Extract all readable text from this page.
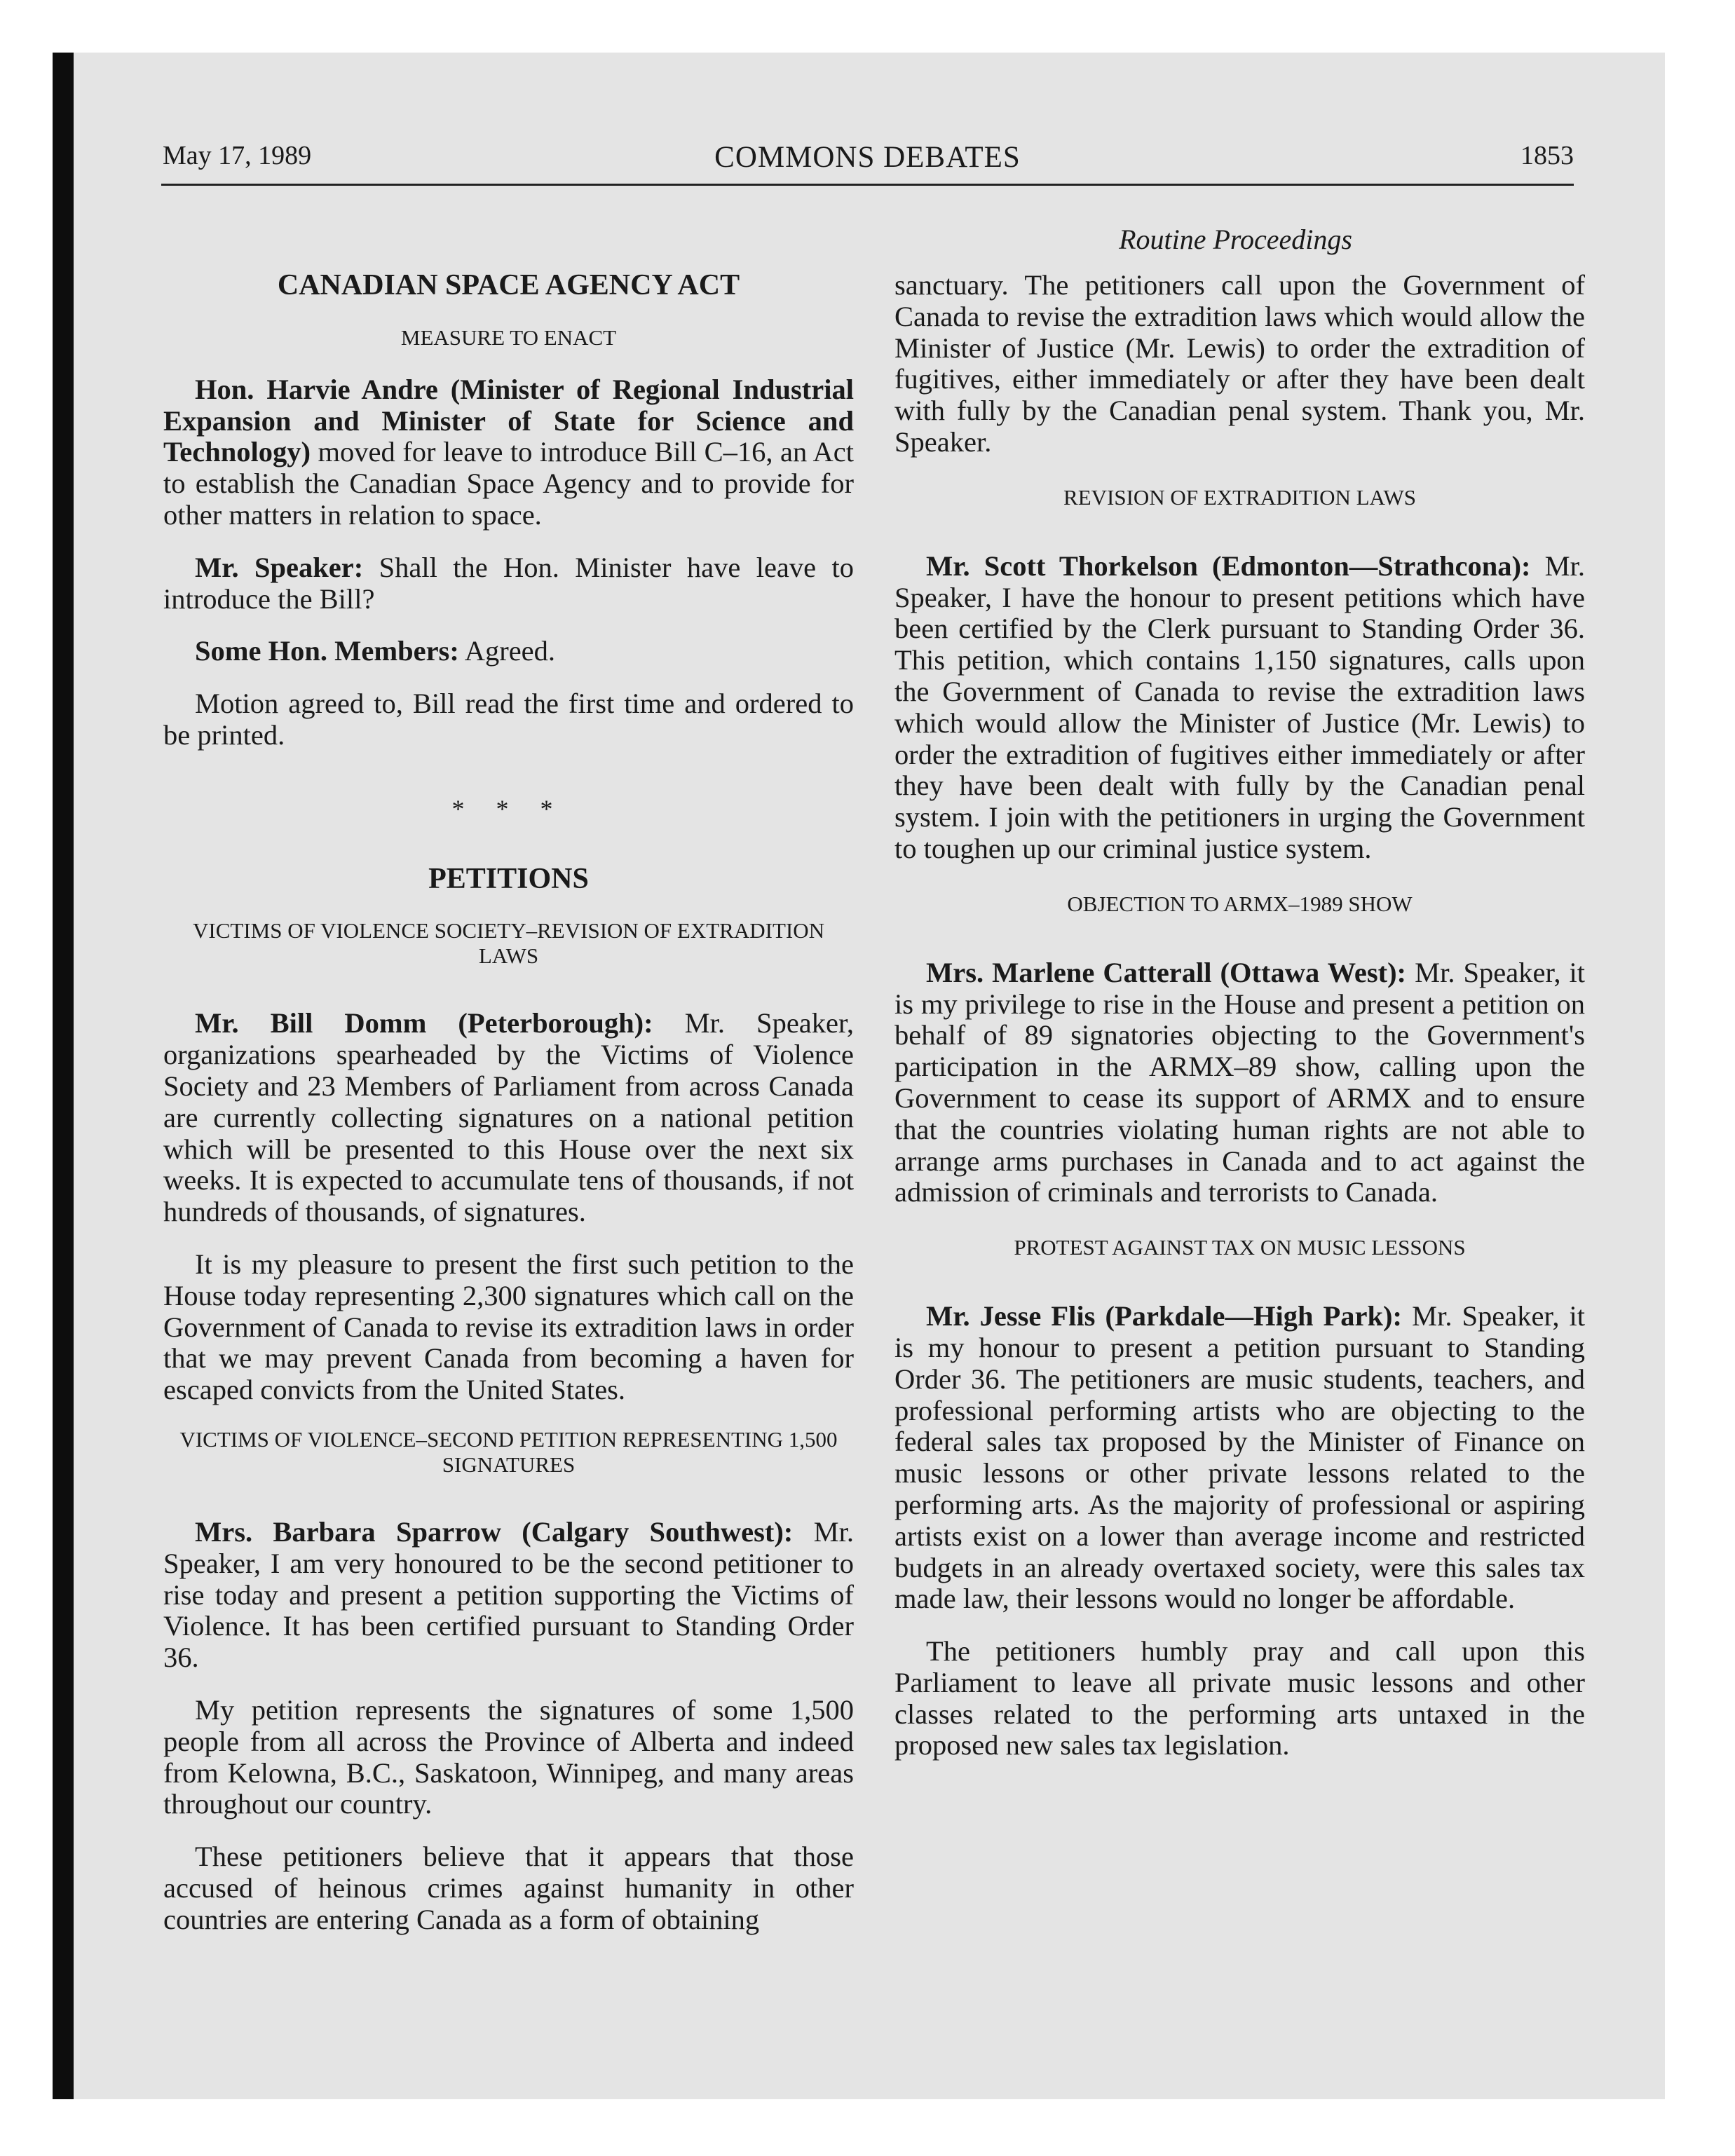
May 17, 1989	COMMONS DEBATES	1853
Routine Proceedings
CANADIAN SPACE AGENCY ACT
MEASURE TO ENACT

Hon. Harvie Andre (Minister of Regional Industrial Expansion and Minister of State for Science and Technology) moved for leave to introduce Bill C–16, an Act to establish the Canadian Space Agency and to provide for other matters in relation to space.

Mr. Speaker: Shall the Hon. Minister have leave to introduce the Bill?

Some Hon. Members: Agreed.

Motion agreed to, Bill read the first time and ordered to be printed.

* * *
PETITIONS
VICTIMS OF VIOLENCE SOCIETY–REVISION OF EXTRADITION LAWS

Mr. Bill Domm (Peterborough): Mr. Speaker, organizations spearheaded by the Victims of Violence Society and 23 Members of Parliament from across Canada are currently collecting signatures on a national petition which will be presented to this House over the next six weeks. It is expected to accumulate tens of thousands, if not hundreds of thousands, of signatures.

It is my pleasure to present the first such petition to the House today representing 2,300 signatures which call on the Government of Canada to revise its extradition laws in order that we may prevent Canada from becoming a haven for escaped convicts from the United States.

VICTIMS OF VIOLENCE–SECOND PETITION REPRESENTING 1,500 SIGNATURES

Mrs. Barbara Sparrow (Calgary Southwest): Mr. Speaker, I am very honoured to be the second petitioner to rise today and present a petition supporting the Victims of Violence. It has been certified pursuant to Standing Order 36.

My petition represents the signatures of some 1,500 people from all across the Province of Alberta and indeed from Kelowna, B.C., Saskatoon, Winnipeg, and many areas throughout our country.

These petitioners believe that it appears that those accused of heinous crimes against humanity in other countries are entering Canada as a form of obtaining

sanctuary. The petitioners call upon the Government of Canada to revise the extradition laws which would allow the Minister of Justice (Mr. Lewis) to order the extradition of fugitives, either immediately or after they have been dealt with fully by the Canadian penal system. Thank you, Mr. Speaker.

REVISION OF EXTRADITION LAWS

Mr. Scott Thorkelson (Edmonton—Strathcona): Mr. Speaker, I have the honour to present petitions which have been certified by the Clerk pursuant to Standing Order 36. This petition, which contains 1,150 signatures, calls upon the Government of Canada to revise the extradition laws which would allow the Minister of Justice (Mr. Lewis) to order the extradition of fugitives either immediately or after they have been dealt with fully by the Canadian penal system. I join with the petitioners in urging the Government to toughen up our criminal justice system.

OBJECTION TO ARMX–1989 SHOW

Mrs. Marlene Catterall (Ottawa West): Mr. Speaker, it is my privilege to rise in the House and present a petition on behalf of 89 signatories objecting to the Government's participation in the ARMX–89 show, calling upon the Government to cease its support of ARMX and to ensure that the countries violating human rights are not able to arrange arms purchases in Canada and to act against the admission of criminals and terrorists to Canada.

PROTEST AGAINST TAX ON MUSIC LESSONS

Mr. Jesse Flis (Parkdale—High Park): Mr. Speaker, it is my honour to present a petition pursuant to Standing Order 36. The petitioners are music students, teachers, and professional performing artists who are objecting to the federal sales tax proposed by the Minister of Finance on music lessons or other private lessons related to the performing arts. As the majority of professional or aspiring artists exist on a lower than average income and restricted budgets in an already overtaxed society, were this sales tax made law, their lessons would no longer be affordable.

The petitioners humbly pray and call upon this Parliament to leave all private music lessons and other classes related to the performing arts untaxed in the proposed new sales tax legislation.
